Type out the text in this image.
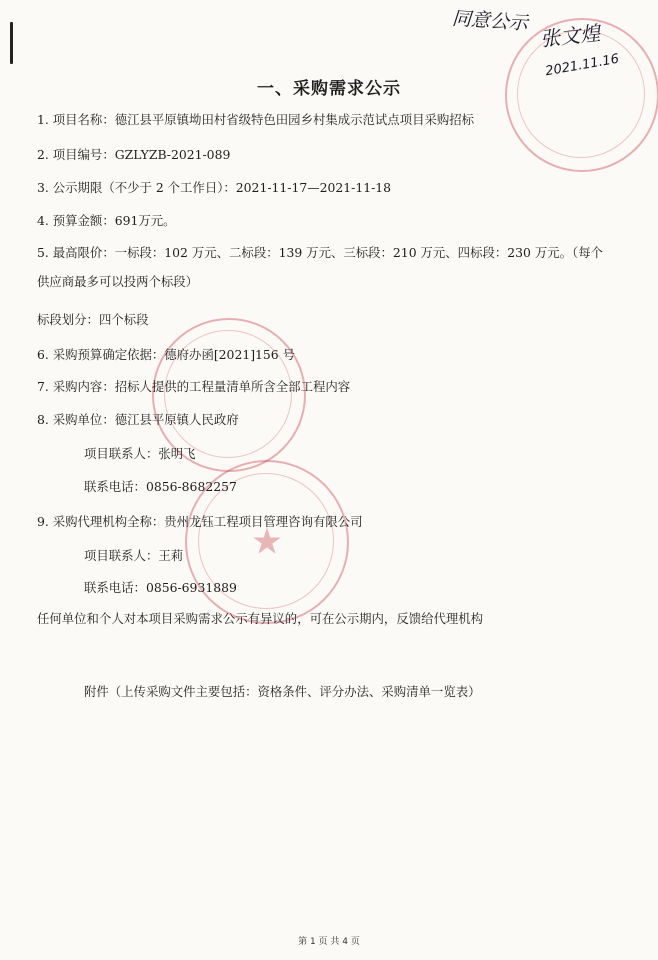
★
同意公示 张文煌
2021.11.16
一、采购需求公示
1. 项目名称：德江县平原镇坳田村省级特色田园乡村集成示范试点项目采购招标
2. 项目编号：GZLYZB-2021-089
3. 公示期限（不少于 2 个工作日）：2021-11-17—2021-11-18
4. 预算金额：691万元。
5. 最高限价：一标段：102 万元、二标段：139 万元、三标段：210 万元、四标段：230 万元。（每个
供应商最多可以投两个标段）
标段划分：四个标段
6. 采购预算确定依据：德府办函[2021]156 号
7. 采购内容：招标人提供的工程量清单所含全部工程内容
8. 采购单位：德江县平原镇人民政府
项目联系人：张明飞
联系电话：0856-8682257
9. 采购代理机构全称：贵州龙钰工程项目管理咨询有限公司
项目联系人：王莉
联系电话：0856-6931889
任何单位和个人对本项目采购需求公示有异议的，可在公示期内，反馈给代理机构
附件（上传采购文件主要包括：资格条件、评分办法、采购清单一览表）
第 1 页 共 4 页
